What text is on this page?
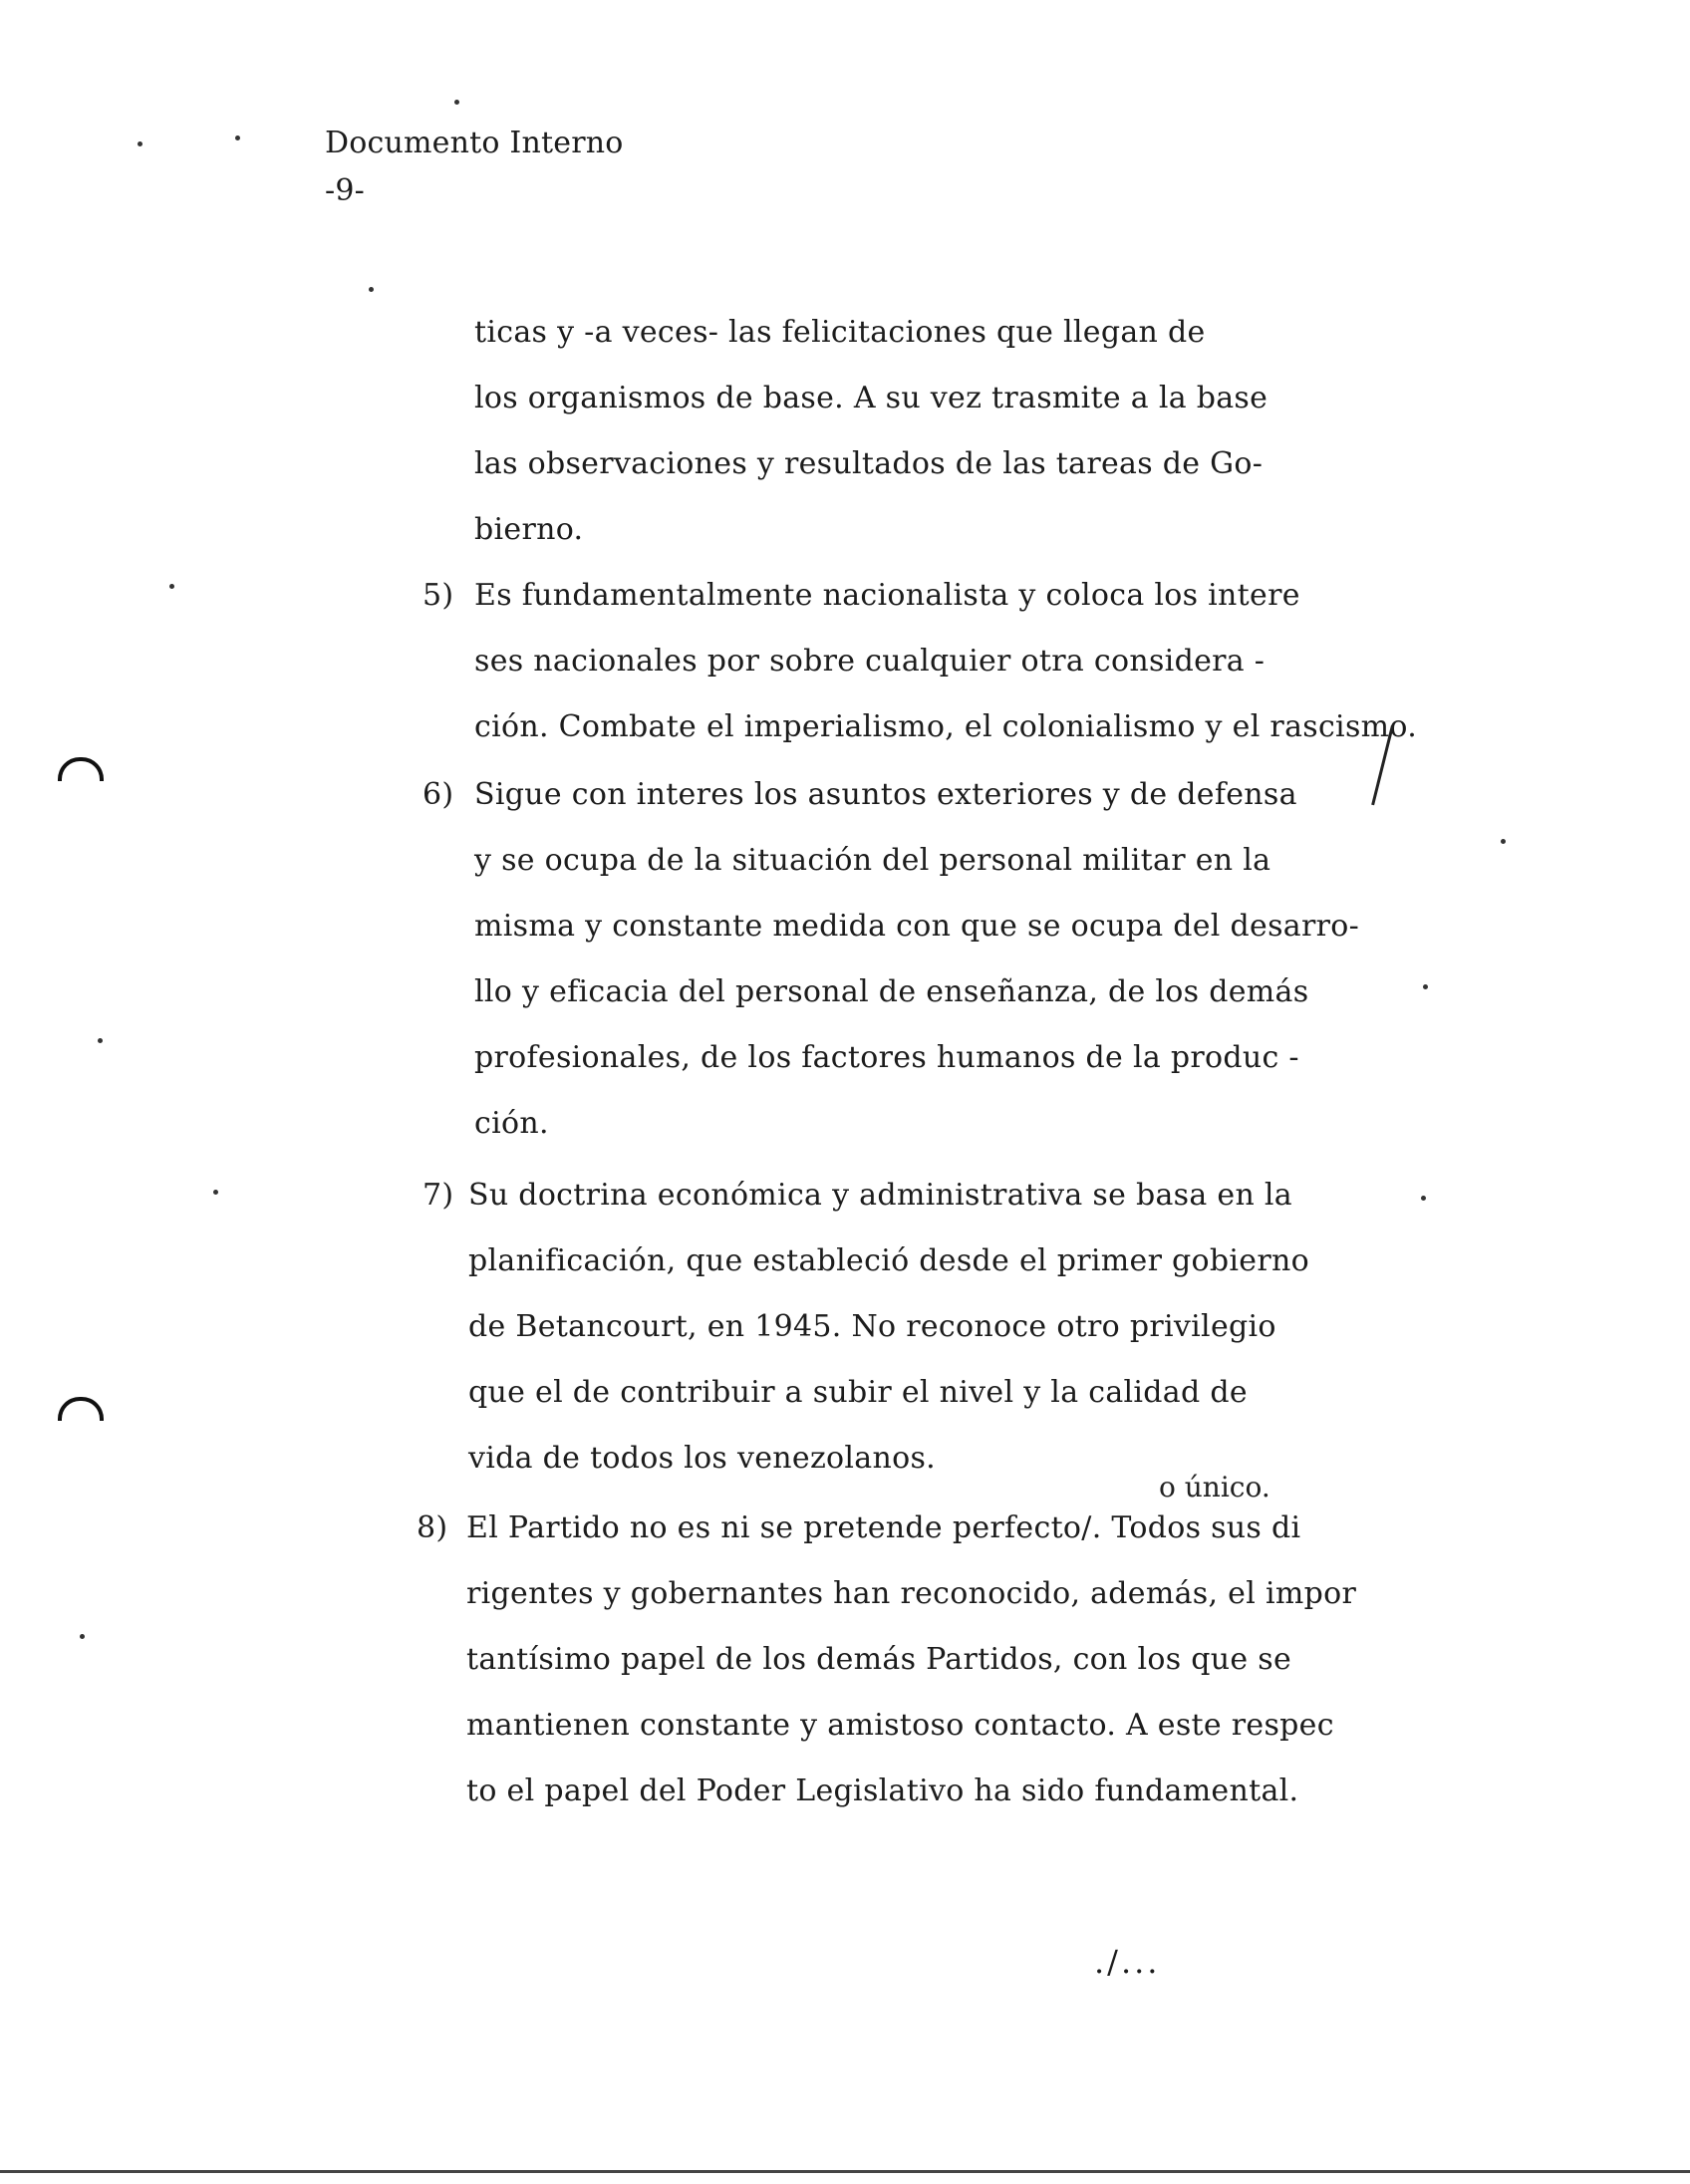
Documento Interno
-9-
ticas y -a veces- las felicitaciones que llegan de
los organismos de base. A su vez trasmite a la base
las observaciones y resultados de las tareas de Go-
bierno.
5) Es fundamentalmente nacionalista y coloca los intere
ses nacionales por sobre cualquier otra considera -
ción. Combate el imperialismo, el colonialismo y el rascismo.
6) Sigue con interes los asuntos exteriores y de defensa
y se ocupa de la situación del personal militar en la
misma y constante medida con que se ocupa del desarro-
llo y eficacia del personal de enseñanza, de los demás
profesionales, de los factores humanos de la produc -
ción.
7) Su doctrina económica y administrativa se basa en la
planificación, que estableció desde el primer gobierno
de Betancourt, en 1945. No reconoce otro privilegio
que el de contribuir a subir el nivel y la calidad de
vida de todos los venezolanos.
8) El Partido no es ni se pretende perfecto/. Todos sus di
rigentes y gobernantes han reconocido, además, el impor
tantísimo papel de los demás Partidos, con los que se
mantienen constante y amistoso contacto. A este respec
to el papel del Poder Legislativo ha sido fundamental.
o único.
./...
